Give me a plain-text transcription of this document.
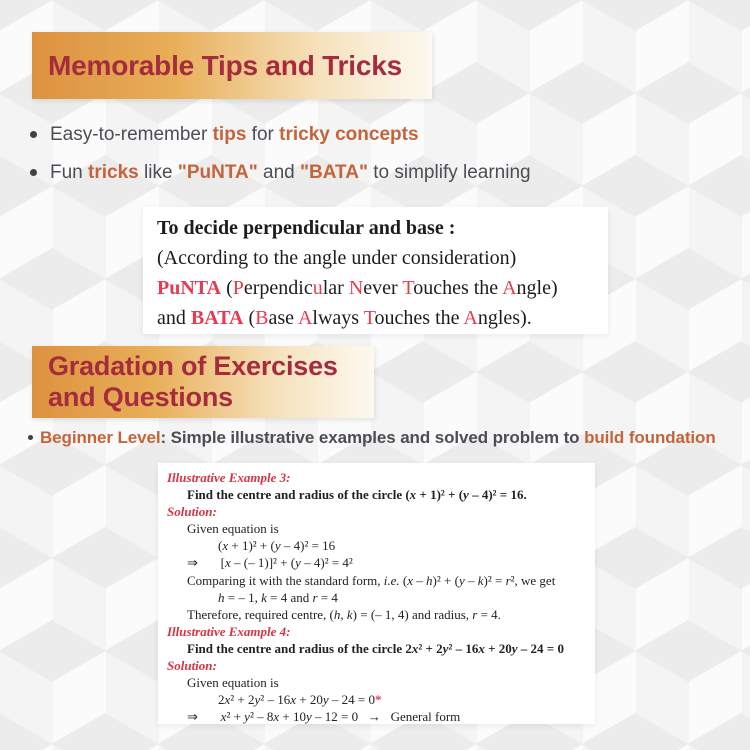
Memorable Tips and Tricks
Easy-to-remember tips for tricky concepts
Fun tricks like "PuNTA" and "BATA" to simplify learning
To decide perpendicular and base :
(According to the angle under consideration)
PuNTA (Perpendicular Never Touches the Angle)
and BATA (Base Always Touches the Angles).
Gradation of Exercises
and Questions
Beginner Level: Simple illustrative examples and solved problem to build foundation
Illustrative Example 3:
Find the centre and radius of the circle (x + 1)² + (y – 4)² = 16.
Solution:
Given equation is
(x + 1)² + (y – 4)² = 16
⇒       [x – (– 1)]² + (y – 4)² = 4²
Comparing it with the standard form, i.e. (x – h)² + (y – k)² = r², we get
h = – 1, k = 4 and r = 4
Therefore, required centre, (h, k) = (– 1, 4) and radius, r = 4.
Illustrative Example 4:
Find the centre and radius of the circle 2x² + 2y² – 16x + 20y – 24 = 0
Solution:
Given equation is
2x² + 2y² – 16x + 20y – 24 = 0*
⇒ x² + y² – 8x + 10y – 12 = 0   →   General form
